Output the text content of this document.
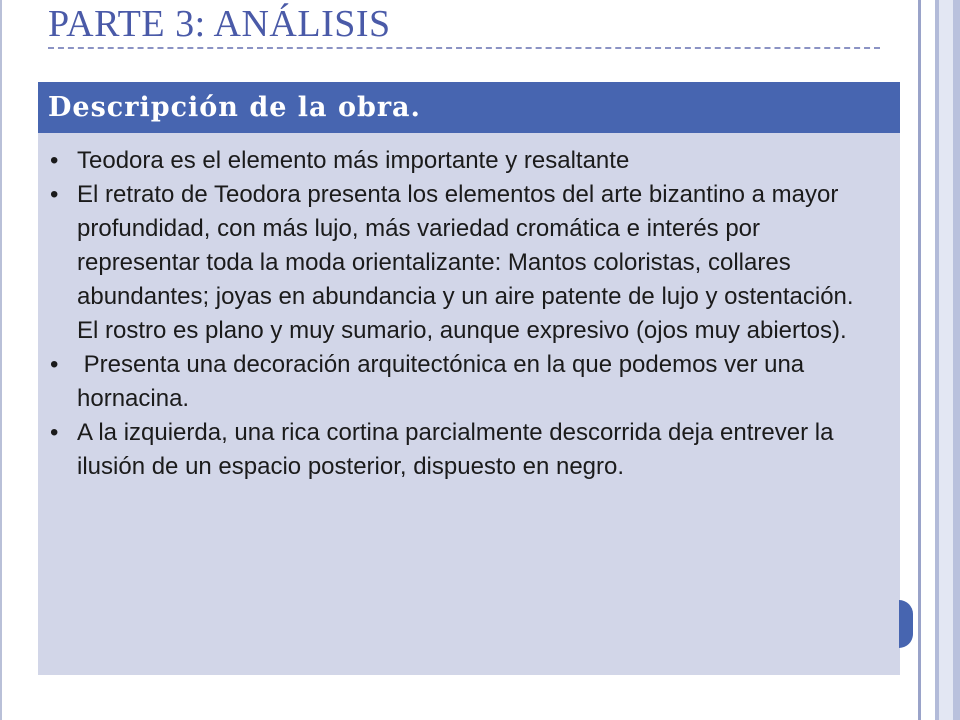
PARTE 3: ANÁLISIS
Descripción de la obra.
• Teodora es el elemento más importante y resaltante
• El retrato de Teodora presenta los elementos del arte bizantino a mayor profundidad, con más lujo, más variedad cromática e interés por representar toda la moda orientalizante: Mantos coloristas, collares abundantes; joyas en abundancia y un aire patente de lujo y ostentación. El rostro es plano y muy sumario, aunque expresivo (ojos muy abiertos).
• Presenta una decoración arquitectónica en la que podemos ver una hornacina.
• A la izquierda, una rica cortina parcialmente descorrida deja entrever la ilusión de un espacio posterior, dispuesto en negro.
